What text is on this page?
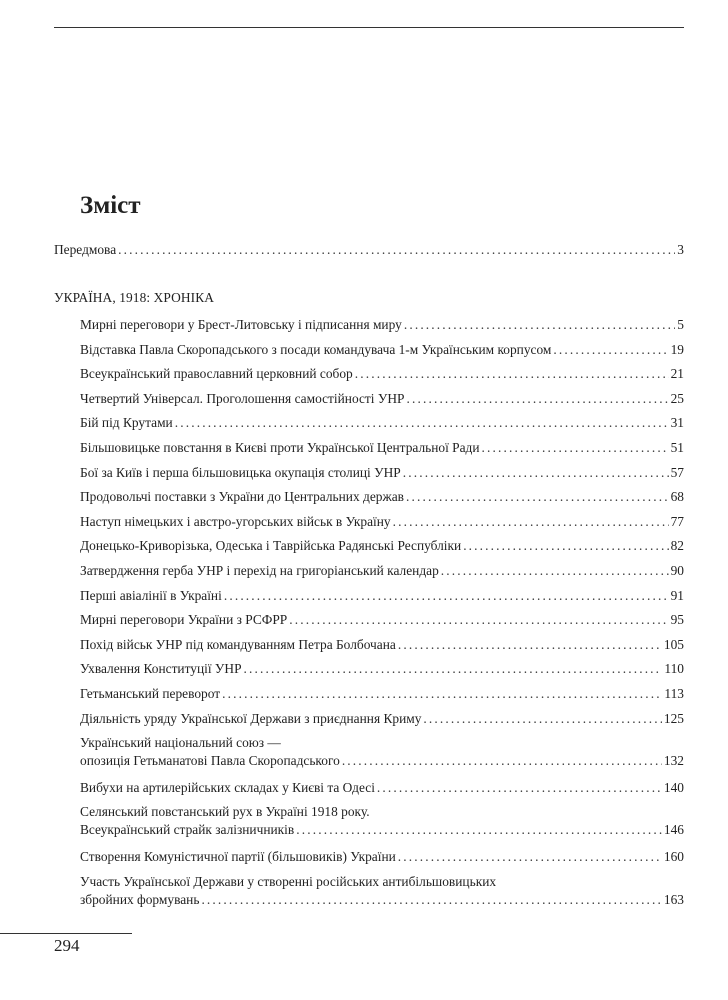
Зміст
Передмова . . .	3
УКРАЇНА, 1918: ХРОНІКА
Мирні переговори у Брест-Литовську і підписання миру . . .	5
Відставка Павла Скоропадського з посади командувача 1-м Українським корпусом . . .	19
Всеукраїнський православний церковний собор . . .	21
Четвертий Універсал. Проголошення самостійності УНР . . .	25
Бій під Крутами . . .	31
Більшовицьке повстання в Києві проти Української Центральної Ради . . .	51
Бої за Київ і перша більшовицька окупація столиці УНР . . .	57
Продовольчі поставки з України до Центральних держав . . .	68
Наступ німецьких і австро-угорських військ в Україну . . .	77
Донецько-Криворізька, Одеська і Таврійська Радянські Республіки . . .	82
Затвердження герба УНР і перехід на григоріанський календар . . .	90
Перші авіалінії в Україні . . .	91
Мирні переговори України з РСФРР . . .	95
Похід військ УНР під командуванням Петра Болбочана . . .	105
Ухвалення Конституції УНР . . .	110
Гетьманський переворот . . .	113
Діяльність уряду Української Держави з приєднання Криму . . .	125
Український національний союз —
опозиція Гетьманатові Павла Скоропадського . . .	132
Вибухи на артилерійських складах у Києві та Одесі . . .	140
Селянський повстанський рух в Україні 1918 року.
Всеукраїнський страйк залізничників . . .	146
Створення Комуністичної партії (більшовиків) України . . .	160
Участь Української Держави у створенні російських антибільшовицьких
збройних формувань . . .	163
294
